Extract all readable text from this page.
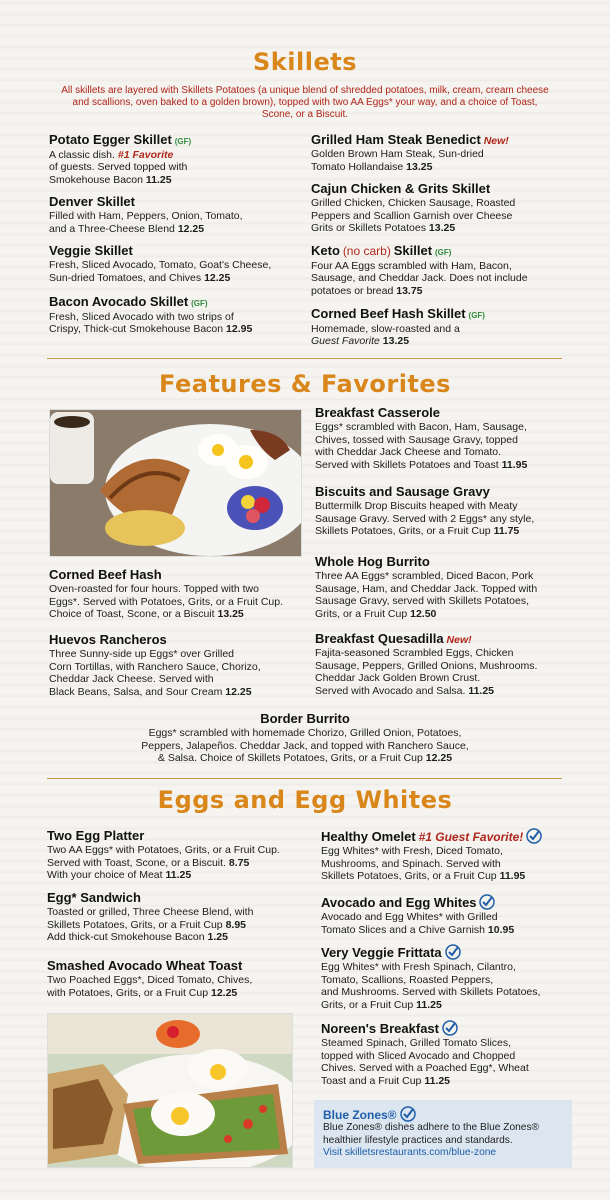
Skillets
All skillets are layered with Skillets Potatoes (a unique blend of shredded potatoes, milk, cream, cream cheese and scallions, oven baked to a golden brown), topped with two AA Eggs* your way, and a choice of Toast, Scone, or a Biscuit.
Potato Egger Skillet (GF)
A classic dish. #1 Favorite
of guests. Served topped with
Smokehouse Bacon 11.25
Denver Skillet
Filled with Ham, Peppers, Onion, Tomato,
and a Three-Cheese Blend 12.25
Veggie Skillet
Fresh, Sliced Avocado, Tomato, Goat's Cheese,
Sun-dried Tomatoes, and Chives 12.25
Bacon Avocado Skillet (GF)
Fresh, Sliced Avocado with two strips of
Crispy, Thick-cut Smokehouse Bacon 12.95
Grilled Ham Steak Benedict New!
Golden Brown Ham Steak, Sun-dried
Tomato Hollandaise 13.25
Cajun Chicken & Grits Skillet
Grilled Chicken, Chicken Sausage, Roasted
Peppers and Scallion Garnish over Cheese
Grits or Skillets Potatoes 13.25
Keto (no carb) Skillet (GF)
Four AA Eggs scrambled with Ham, Bacon,
Sausage, and Cheddar Jack. Does not include
potatoes or bread 13.75
Corned Beef Hash Skillet (GF)
Homemade, slow-roasted and a
Guest Favorite 13.25
Features & Favorites
Breakfast Casserole
Eggs* scrambled with Bacon, Ham, Sausage,
Chives, tossed with Sausage Gravy, topped
with Cheddar Jack Cheese and Tomato.
Served with Skillets Potatoes and Toast 11.95
Biscuits and Sausage Gravy
Buttermilk Drop Biscuits heaped with Meaty
Sausage Gravy. Served with 2 Eggs* any style,
Skillets Potatoes, Grits, or a Fruit Cup 11.75
Whole Hog Burrito
Three AA Eggs* scrambled, Diced Bacon, Pork
Sausage, Ham, and Cheddar Jack. Topped with
Sausage Gravy, served with Skillets Potatoes,
Grits, or a Fruit Cup 12.50
Breakfast Quesadilla New!
Fajita-seasoned Scrambled Eggs, Chicken
Sausage, Peppers, Grilled Onions, Mushrooms.
Cheddar Jack Golden Brown Crust.
Served with Avocado and Salsa. 11.25
Corned Beef Hash
Oven-roasted for four hours. Topped with two
Eggs*. Served with Potatoes, Grits, or a Fruit Cup.
Choice of Toast, Scone, or a Biscuit 13.25
Huevos Rancheros
Three Sunny-side up Eggs* over Grilled
Corn Tortillas, with Ranchero Sauce, Chorizo,
Cheddar Jack Cheese. Served with
Black Beans, Salsa, and Sour Cream 12.25
Border Burrito
Eggs* scrambled with homemade Chorizo, Grilled Onion, Potatoes,
Peppers, Jalapeños. Cheddar Jack, and topped with Ranchero Sauce,
& Salsa. Choice of Skillets Potatoes, Grits, or a Fruit Cup 12.25
Eggs and Egg Whites
Two Egg Platter
Two AA Eggs* with Potatoes, Grits, or a Fruit Cup.
Served with Toast, Scone, or a Biscuit. 8.75
With your choice of Meat 11.25
Egg* Sandwich
Toasted or grilled, Three Cheese Blend, with
Skillets Potatoes, Grits, or a Fruit Cup 8.95
Add thick-cut Smokehouse Bacon 1.25
Smashed Avocado Wheat Toast
Two Poached Eggs*, Diced Tomato, Chives,
with Potatoes, Grits, or a Fruit Cup 12.25
Healthy Omelet #1 Guest Favorite!
Egg Whites* with Fresh, Diced Tomato,
Mushrooms, and Spinach. Served with
Skillets Potatoes, Grits, or a Fruit Cup 11.95
Avocado and Egg Whites
Avocado and Egg Whites* with Grilled
Tomato Slices and a Chive Garnish 10.95
Very Veggie Frittata
Egg Whites* with Fresh Spinach, Cilantro,
Tomato, Scallions, Roasted Peppers,
and Mushrooms. Served with Skillets Potatoes,
Grits, or a Fruit Cup 11.25
Noreen's Breakfast
Steamed Spinach, Grilled Tomato Slices,
topped with Sliced Avocado and Chopped
Chives. Served with a Poached Egg*, Wheat
Toast and a Fruit Cup 11.25
Blue Zones®
Blue Zones® dishes adhere to the Blue Zones®
healthier lifestyle practices and standards.
Visit skilletsrestaurants.com/blue-zone
